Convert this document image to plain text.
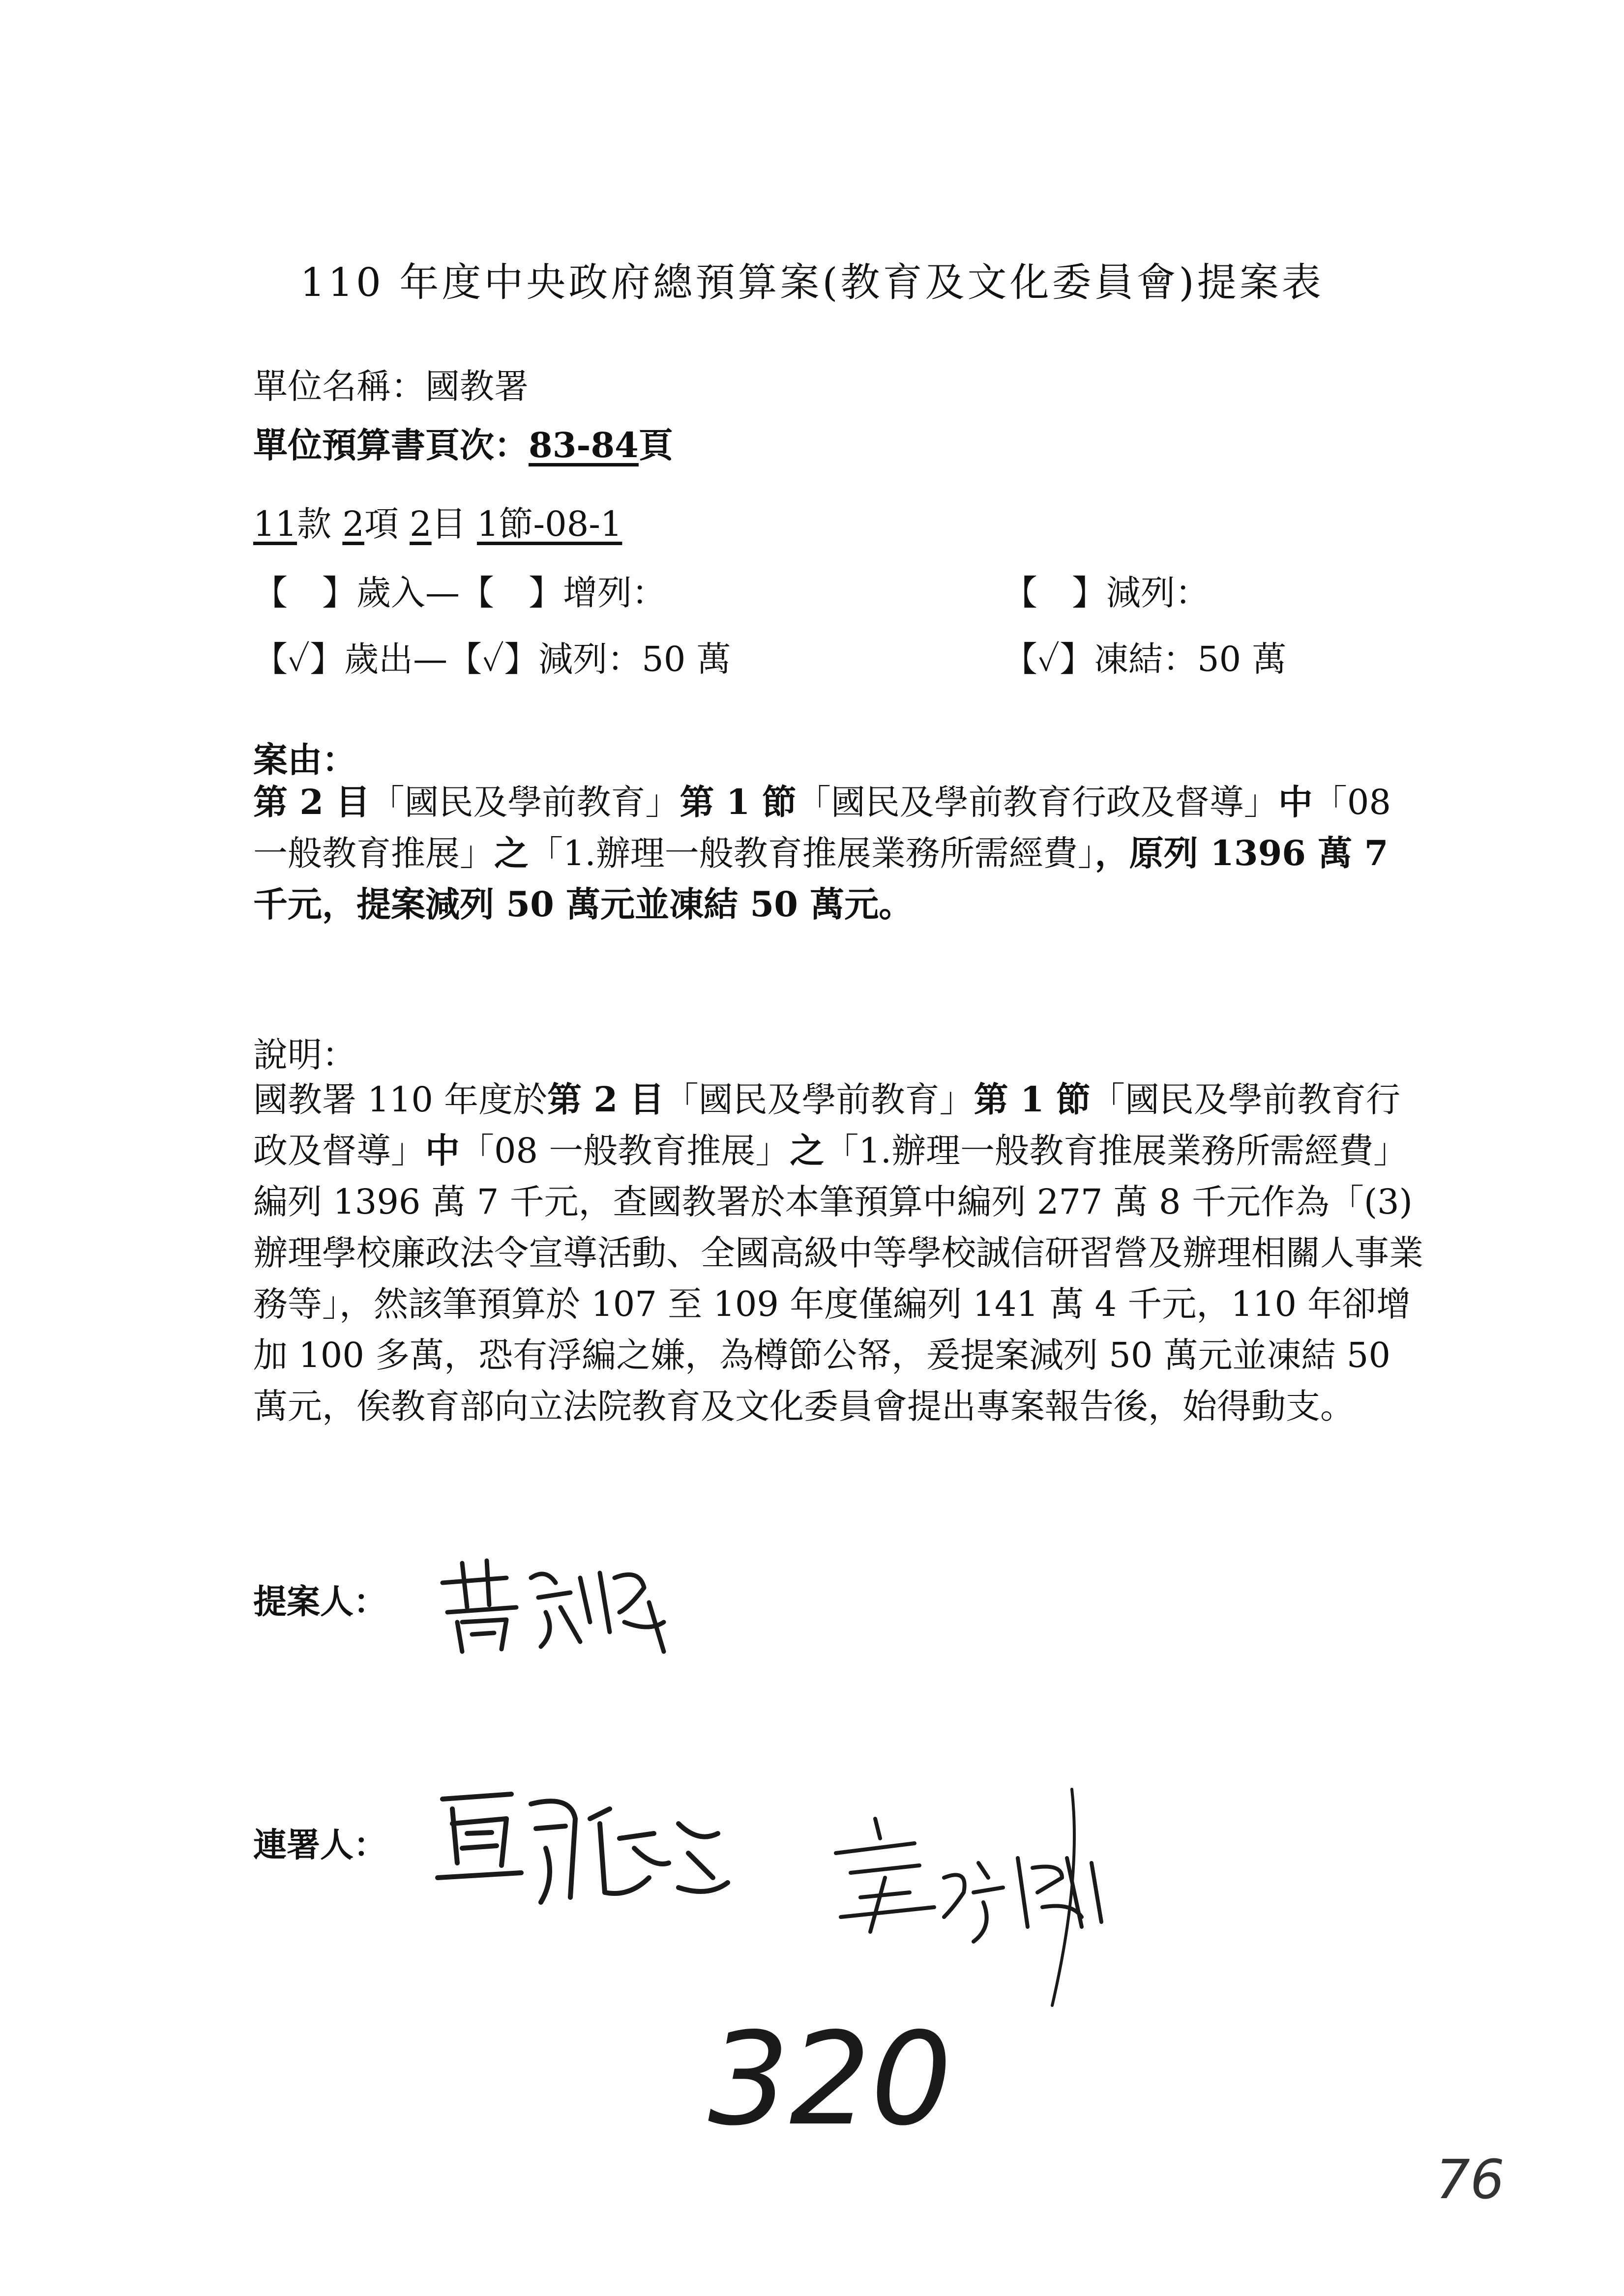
110 年度中央政府總預算案(教育及文化委員會)提案表
單位名稱：國教署
單位預算書頁次：83-84頁
11款 2項 2目 1節-08-1
【　】歲入—【　】增列：	【　】減列：
【✓】歲出—【✓】減列：50 萬	【✓】凍結：50 萬
案由：
第 2 目「國民及學前教育」第 1 節「國民及學前教育行政及督導」中「08 一般教育推展」之「1.辦理一般教育推展業務所需經費」，原列 1396 萬 7 千元，提案減列 50 萬元並凍結 50 萬元。
說明：
國教署 110 年度於第 2 目「國民及學前教育」第 1 節「國民及學前教育行政及督導」中「08 一般教育推展」之「1.辦理一般教育推展業務所需經費」編列 1396 萬 7 千元，查國教署於本筆預算中編列 277 萬 8 千元作為「(3)辦理學校廉政法令宣導活動、全國高級中等學校誠信研習營及辦理相關人事業務等」，然該筆預算於 107 至 109 年度僅編列 141 萬 4 千元，110 年卻增加 100 多萬，恐有浮編之嫌，為樽節公帑，爰提案減列 50 萬元並凍結 50 萬元，俟教育部向立法院教育及文化委員會提出專案報告後，始得動支。
提案人：
連署人：
320
76
